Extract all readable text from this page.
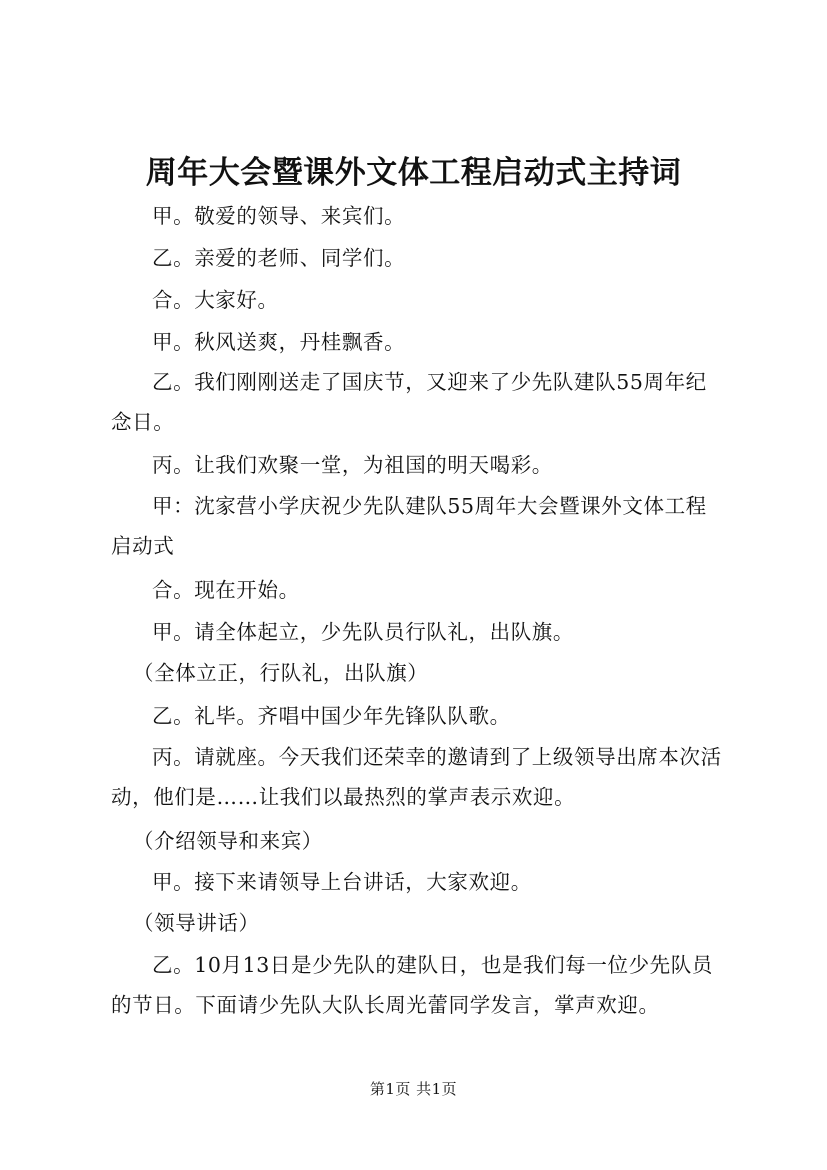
周年大会暨课外文体工程启动式主持词
甲。敬爱的领导、来宾们。
乙。亲爱的老师、同学们。
合。大家好。
甲。秋风送爽，丹桂飘香。
乙。我们刚刚送走了国庆节，又迎来了少先队建队55周年纪念日。
丙。让我们欢聚一堂，为祖国的明天喝彩。
甲：沈家营小学庆祝少先队建队55周年大会暨课外文体工程启动式
合。现在开始。
甲。请全体起立，少先队员行队礼，出队旗。
（全体立正，行队礼，出队旗）
乙。礼毕。齐唱中国少年先锋队队歌。
丙。请就座。今天我们还荣幸的邀请到了上级领导出席本次活动，他们是……让我们以最热烈的掌声表示欢迎。
（介绍领导和来宾）
甲。接下来请领导上台讲话，大家欢迎。
（领导讲话）
乙。10月13日是少先队的建队日，也是我们每一位少先队员的节日。下面请少先队大队长周光蕾同学发言，掌声欢迎。
第1页 共1页
